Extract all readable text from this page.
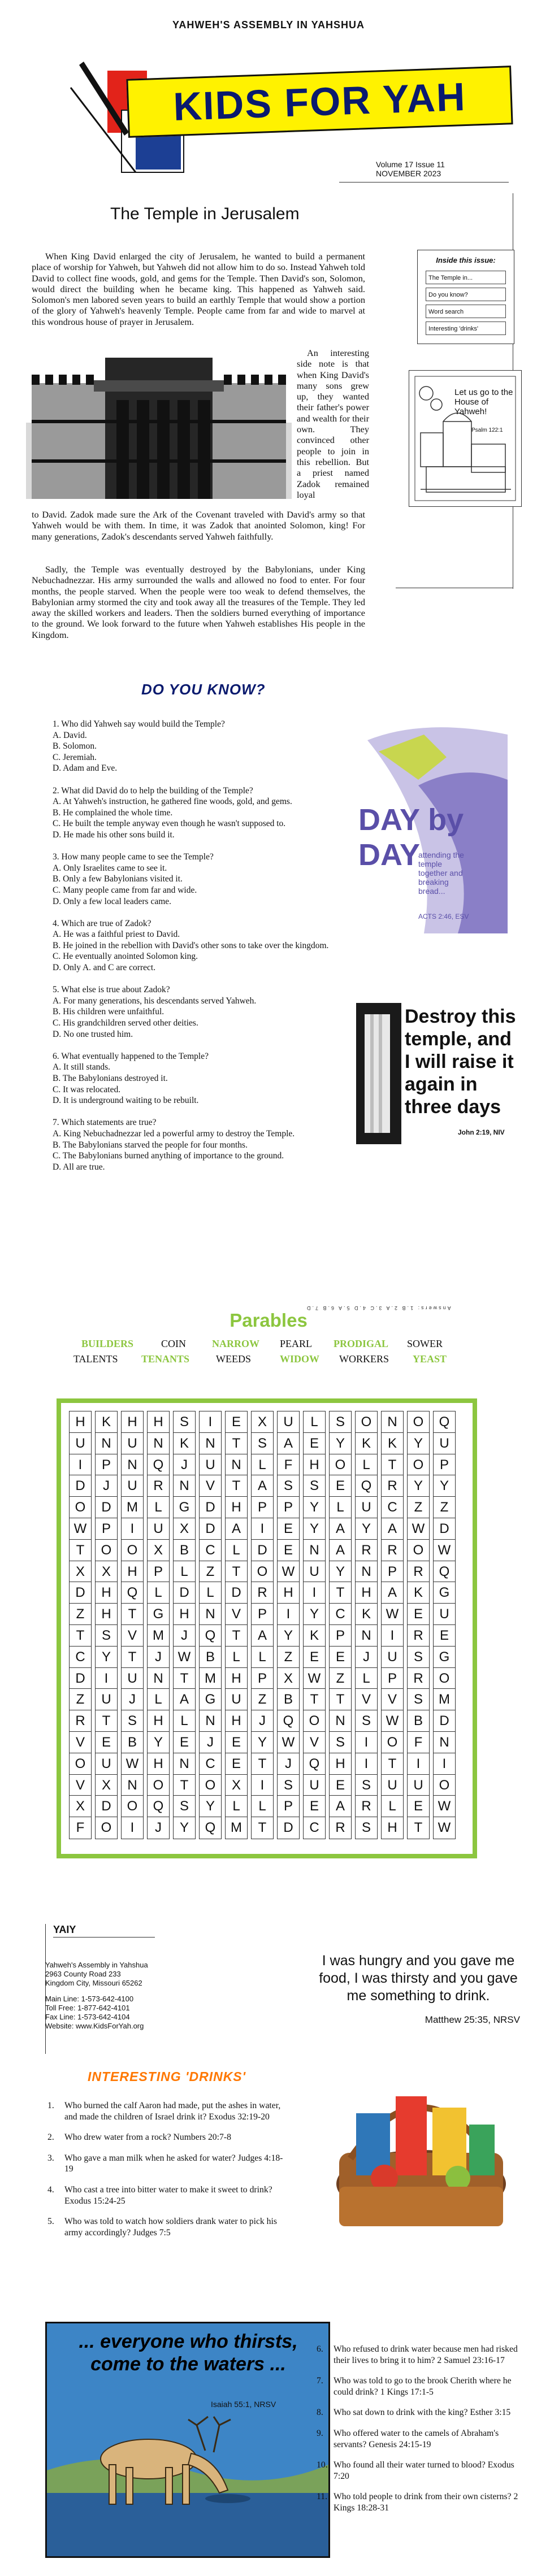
YAHWEH'S ASSEMBLY IN YAHSHUA
KIDS FOR YAH
Volume 17 Issue 11
NOVEMBER 2023
The Temple in Jerusalem

When King David enlarged the city of Jerusalem, he wanted to build a permanent place of worship for Yahweh, but Yahweh did not allow him to do so. Instead Yahweh told David to collect fine woods, gold, and gems for the Temple. Then David's son, Solomon, would direct the building when he became king. This happened as Yahweh said. Solomon's men labored seven years to build an earthly Temple that would show a portion of the glory of Yahweh's heavenly Temple. People came from far and wide to marvel at this wondrous house of prayer in Jerusalem.

An interesting side note is that when King David's many sons grew up, they wanted their father's power and wealth for their own. They convinced other people to join in this rebellion. But a priest named Zadok remained loyal

to David. Zadok made sure the Ark of the Covenant traveled with David's army so that Yahweh would be with them. In time, it was Zadok that anointed Solomon, king! For many generations, Zadok's descendants served Yahweh faithfully.

Sadly, the Temple was eventually destroyed by the Babylonians, under King Nebuchadnezzar. His army surrounded the walls and allowed no food to enter. For four months, the people starved. When the people were too weak to defend themselves, the Babylonian army stormed the city and took away all the treasures of the Temple. They led away the skilled workers and leaders. Then the soldiers burned everything of importance to the ground. We look forward to the future when Yahweh establishes His people in the Kingdom.

Inside this issue:
The Temple in...
Do you know?
Word search
Interesting 'drinks'
Let us go to the House of Yahweh!
Psalm 122:1
DO YOU KNOW?
1. Who did Yahweh say would build the Temple?
A. David.
B. Solomon.
C. Jeremiah.
D. Adam and Eve.
2. What did David do to help the building of the Temple?
A. At Yahweh's instruction, he gathered fine woods, gold, and gems.
B. He complained the whole time.
C. He built the temple anyway even though he wasn't supposed to.
D. He made his other sons build it.
3. How many people came to see the Temple?
A. Only Israelites came to see it.
B. Only a few Babylonians visited it.
C. Many people came from far and wide.
D. Only a few local leaders came.
4. Which are true of Zadok?
A. He was a faithful priest to David.
B. He joined in the rebellion with David's other sons to take over the kingdom.
C. He eventually anointed Solomon king.
D. Only A. and C are correct.
5. What else is true about Zadok?
A. For many generations, his descendants served Yahweh.
B. His children were unfaithful.
C. His grandchildren served other deities.
D. No one trusted him.
6. What eventually happened to the Temple?
A. It still stands.
B. The Babylonians destroyed it.
C. It was relocated.
D. It is underground waiting to be rebuilt.
7. Which statements are true?
A. King Nebuchadnezzar led a powerful army to destroy the Temple.
B. The Babylonians starved the people for four months.
C. The Babylonians burned anything of importance to the ground.
D. All are true.
DAY by DAY
attending the temple together and breaking bread...
ACTS 2:46, ESV
Destroy this temple, and I will raise it again in three days
John 2:19, NIV
Answers: 1.B 2.A 3.C 4.D 5.A 6.B 7.D
Parables
BUILDERS	COIN	NARROW PEARL PRODIGAL SOWER
TALENTS TENANTS	WEEDS	WIDOW WORKERS YEAST
H	K	H	H	S	I	E	X	U	L	S	O	N	O	Q
U	N	U	N	K	N	T	S	A	E	Y	K	K	Y	U
I	P	N	Q	J	U	N	L	F	H	O	L	T	O	P
D	J	U	R	N	V	T	A	S	S	E	Q	R	Y	Y
O	D	M	L	G	D	H	P	P	Y	L	U	C	Z	Z
W	P	I	U	X	D	A	I	E	Y	A	Y	A	W	D
T	O	O	X	B	C	L	D	E	N	A	R	R	O	W
X	X	H	P	L	Z	T	O	W	U	Y	N	P	R	Q
D	H	Q	L	D	L	D	R	H	I	T	H	A	K	G
Z	H	T	G	H	N	V	P	I	Y	C	K	W	E	U
T	S	V	M	J	Q	T	A	Y	K	P	N	I	R	E
C	Y	T	J	W	B	L	L	Z	E	E	J	U	S	G
D	I	U	N	T	M	H	P	X	W	Z	L	P	R	O
Z	U	J	L	A	G	U	Z	B	T	T	V	V	S	M
R	T	S	H	L	N	H	J	Q	O	N	S	W	B	D
V	E	B	Y	E	J	E	Y	W	V	S	I	O	F	N
O	U	W	H	N	C	E	T	J	Q	H	I	T	I	I
V	X	N	O	T	O	X	I	S	U	E	S	U	U	O
X	D	O	Q	S	Y	L	L	P	E	A	R	L	E	W
F	O	I	J	Y	Q	M	T	D	C	R	S	H	T	W
YAIY
Yahweh's Assembly in Yahshua
2963 County Road 233
Kingdom City, Missouri 65262
Main Line: 1-573-642-4100
Toll Free: 1-877-642-4101
Fax Line: 1-573-642-4104
Website: www.KidsForYah.org
I was hungry and you gave me food, I was thirsty and you gave me something to drink.
Matthew 25:35, NRSV
INTERESTING 'DRINKS'
1.	Who burned the calf Aaron had made, put the ashes in water, and made the children of Israel drink it? Exodus 32:19-20
2.	Who drew water from a rock? Numbers 20:7-8
3.	Who gave a man milk when he asked for water? Judges 4:18-19
4.	Who cast a tree into bitter water to make it sweet to drink? Exodus 15:24-25
5.	Who was told to watch how soldiers drank water to pick his army accordingly? Judges 7:5
... everyone who thirsts, come to the waters ...
Isaiah 55:1, NRSV
6.	Who refused to drink water because men had risked their lives to bring it to him? 2 Samuel 23:16-17
7.	Who was told to go to the brook Cherith where he could drink? 1 Kings 17:1-5
8.	Who sat down to drink with the king? Esther 3:15
9.	Who offered water to the camels of Abraham's servants? Genesis 24:15-19
10. Who found all their water turned to blood? Exodus 7:20
11. Who told people to drink from their own cisterns? 2 Kings 18:28-31
